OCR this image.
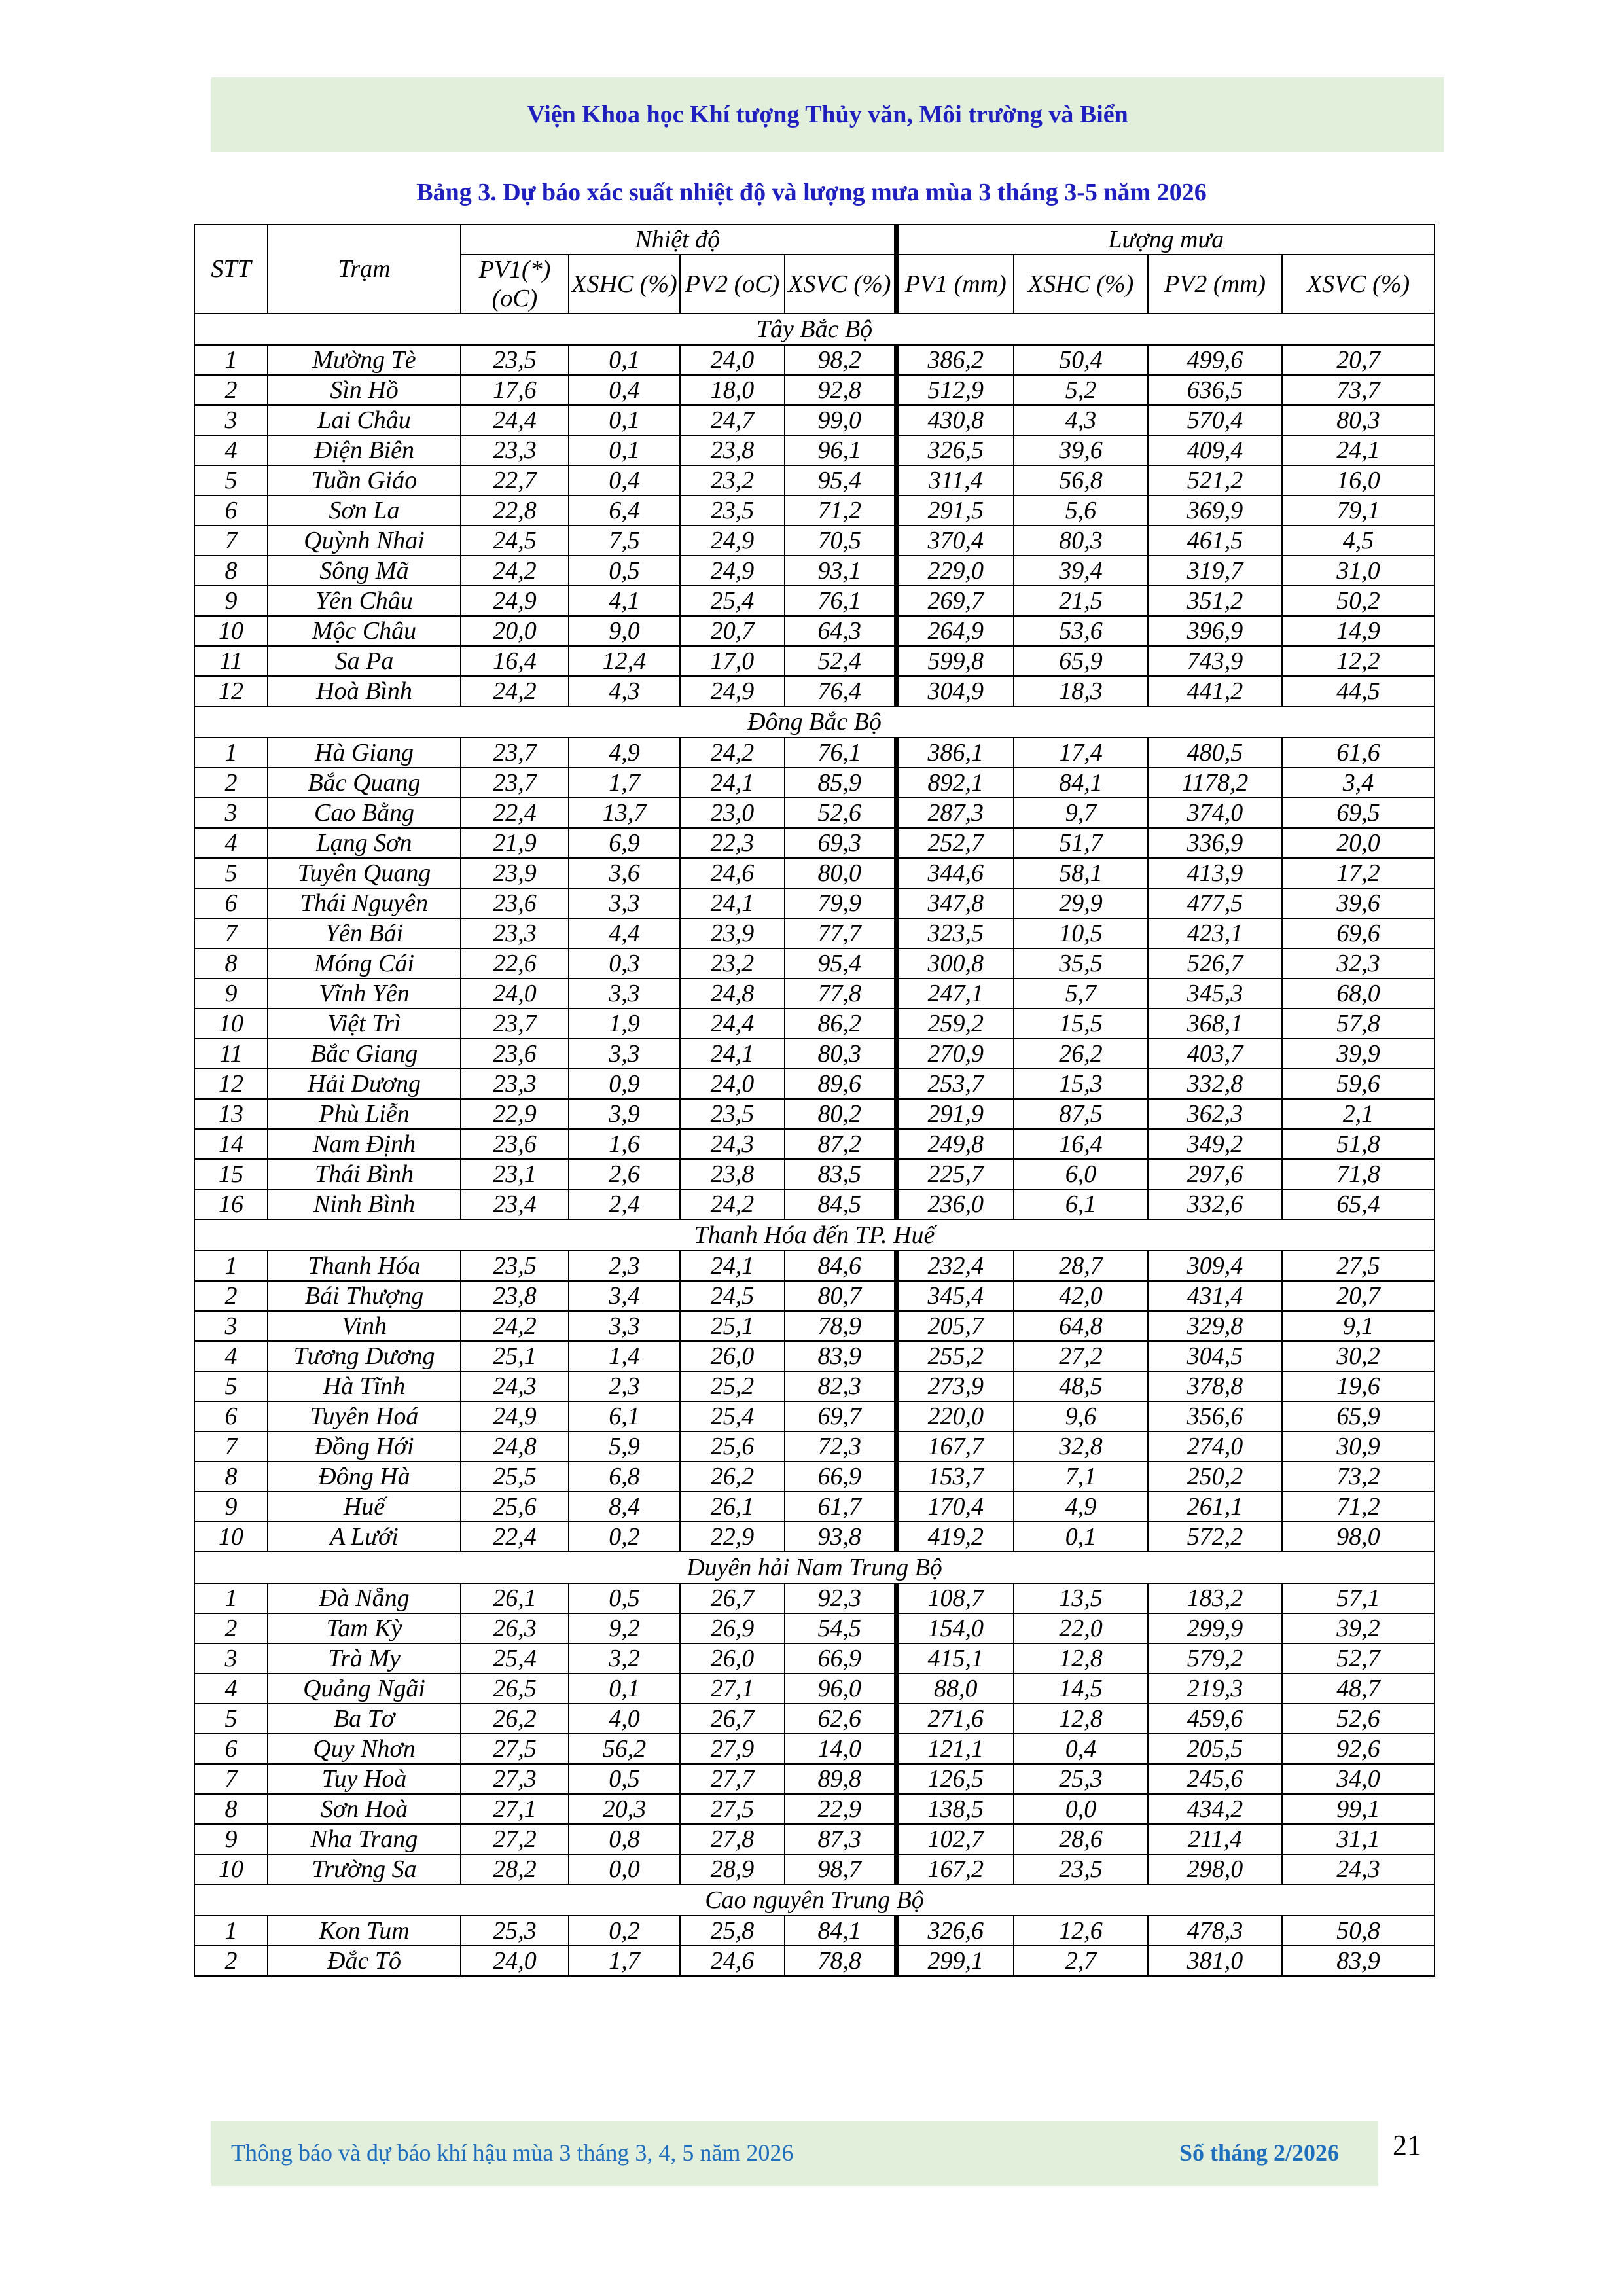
Viện Khoa học Khí tượng Thủy văn, Môi trường và Biển
Bảng 3. Dự báo xác suất nhiệt độ và lượng mưa mùa 3 tháng 3-5 năm 2026
STT	Trạm	Nhiệt độ				Lượng mưa			
		PV1(*) (oC)	XSHC (%)	PV2 (oC)	XSVC (%)	PV1 (mm)	XSHC (%)	PV2 (mm)	XSVC (%)
Tây Bắc Bộ									
1	Mường Tè	23,5	0,1	24,0	98,2	386,2	50,4	499,6	20,7
2	Sìn Hồ	17,6	0,4	18,0	92,8	512,9	5,2	636,5	73,7
3	Lai Châu	24,4	0,1	24,7	99,0	430,8	4,3	570,4	80,3
4	Điện Biên	23,3	0,1	23,8	96,1	326,5	39,6	409,4	24,1
5	Tuần Giáo	22,7	0,4	23,2	95,4	311,4	56,8	521,2	16,0
6	Sơn La	22,8	6,4	23,5	71,2	291,5	5,6	369,9	79,1
7	Quỳnh Nhai	24,5	7,5	24,9	70,5	370,4	80,3	461,5	4,5
8	Sông Mã	24,2	0,5	24,9	93,1	229,0	39,4	319,7	31,0
9	Yên Châu	24,9	4,1	25,4	76,1	269,7	21,5	351,2	50,2
10	Mộc Châu	20,0	9,0	20,7	64,3	264,9	53,6	396,9	14,9
11	Sa Pa	16,4	12,4	17,0	52,4	599,8	65,9	743,9	12,2
12	Hoà Bình	24,2	4,3	24,9	76,4	304,9	18,3	441,2	44,5
Đông Bắc Bộ									
1	Hà Giang	23,7	4,9	24,2	76,1	386,1	17,4	480,5	61,6
2	Bắc Quang	23,7	1,7	24,1	85,9	892,1	84,1	1178,2	3,4
3	Cao Bằng	22,4	13,7	23,0	52,6	287,3	9,7	374,0	69,5
4	Lạng Sơn	21,9	6,9	22,3	69,3	252,7	51,7	336,9	20,0
5	Tuyên Quang	23,9	3,6	24,6	80,0	344,6	58,1	413,9	17,2
6	Thái Nguyên	23,6	3,3	24,1	79,9	347,8	29,9	477,5	39,6
7	Yên Bái	23,3	4,4	23,9	77,7	323,5	10,5	423,1	69,6
8	Móng Cái	22,6	0,3	23,2	95,4	300,8	35,5	526,7	32,3
9	Vĩnh Yên	24,0	3,3	24,8	77,8	247,1	5,7	345,3	68,0
10	Việt Trì	23,7	1,9	24,4	86,2	259,2	15,5	368,1	57,8
11	Bắc Giang	23,6	3,3	24,1	80,3	270,9	26,2	403,7	39,9
12	Hải Dương	23,3	0,9	24,0	89,6	253,7	15,3	332,8	59,6
13	Phù Liễn	22,9	3,9	23,5	80,2	291,9	87,5	362,3	2,1
14	Nam Định	23,6	1,6	24,3	87,2	249,8	16,4	349,2	51,8
15	Thái Bình	23,1	2,6	23,8	83,5	225,7	6,0	297,6	71,8
16	Ninh Bình	23,4	2,4	24,2	84,5	236,0	6,1	332,6	65,4
Thanh Hóa đến TP. Huế									
1	Thanh Hóa	23,5	2,3	24,1	84,6	232,4	28,7	309,4	27,5
2	Bái Thượng	23,8	3,4	24,5	80,7	345,4	42,0	431,4	20,7
3	Vinh	24,2	3,3	25,1	78,9	205,7	64,8	329,8	9,1
4	Tương Dương	25,1	1,4	26,0	83,9	255,2	27,2	304,5	30,2
5	Hà Tĩnh	24,3	2,3	25,2	82,3	273,9	48,5	378,8	19,6
6	Tuyên Hoá	24,9	6,1	25,4	69,7	220,0	9,6	356,6	65,9
7	Đồng Hới	24,8	5,9	25,6	72,3	167,7	32,8	274,0	30,9
8	Đông Hà	25,5	6,8	26,2	66,9	153,7	7,1	250,2	73,2
9	Huế	25,6	8,4	26,1	61,7	170,4	4,9	261,1	71,2
10	A Lưới	22,4	0,2	22,9	93,8	419,2	0,1	572,2	98,0
Duyên hải Nam Trung Bộ									
1	Đà Nẵng	26,1	0,5	26,7	92,3	108,7	13,5	183,2	57,1
2	Tam Kỳ	26,3	9,2	26,9	54,5	154,0	22,0	299,9	39,2
3	Trà My	25,4	3,2	26,0	66,9	415,1	12,8	579,2	52,7
4	Quảng Ngãi	26,5	0,1	27,1	96,0	88,0	14,5	219,3	48,7
5	Ba Tơ	26,2	4,0	26,7	62,6	271,6	12,8	459,6	52,6
6	Quy Nhơn	27,5	56,2	27,9	14,0	121,1	0,4	205,5	92,6
7	Tuy Hoà	27,3	0,5	27,7	89,8	126,5	25,3	245,6	34,0
8	Sơn Hoà	27,1	20,3	27,5	22,9	138,5	0,0	434,2	99,1
9	Nha Trang	27,2	0,8	27,8	87,3	102,7	28,6	211,4	31,1
10	Trường Sa	28,2	0,0	28,9	98,7	167,2	23,5	298,0	24,3
Cao nguyên Trung Bộ									
1	Kon Tum	25,3	0,2	25,8	84,1	326,6	12,6	478,3	50,8
2	Đắc Tô	24,0	1,7	24,6	78,8	299,1	2,7	381,0	83,9
Thông báo và dự báo khí hậu mùa 3 tháng 3, 4, 5 năm 2026	Số tháng 2/2026 21
